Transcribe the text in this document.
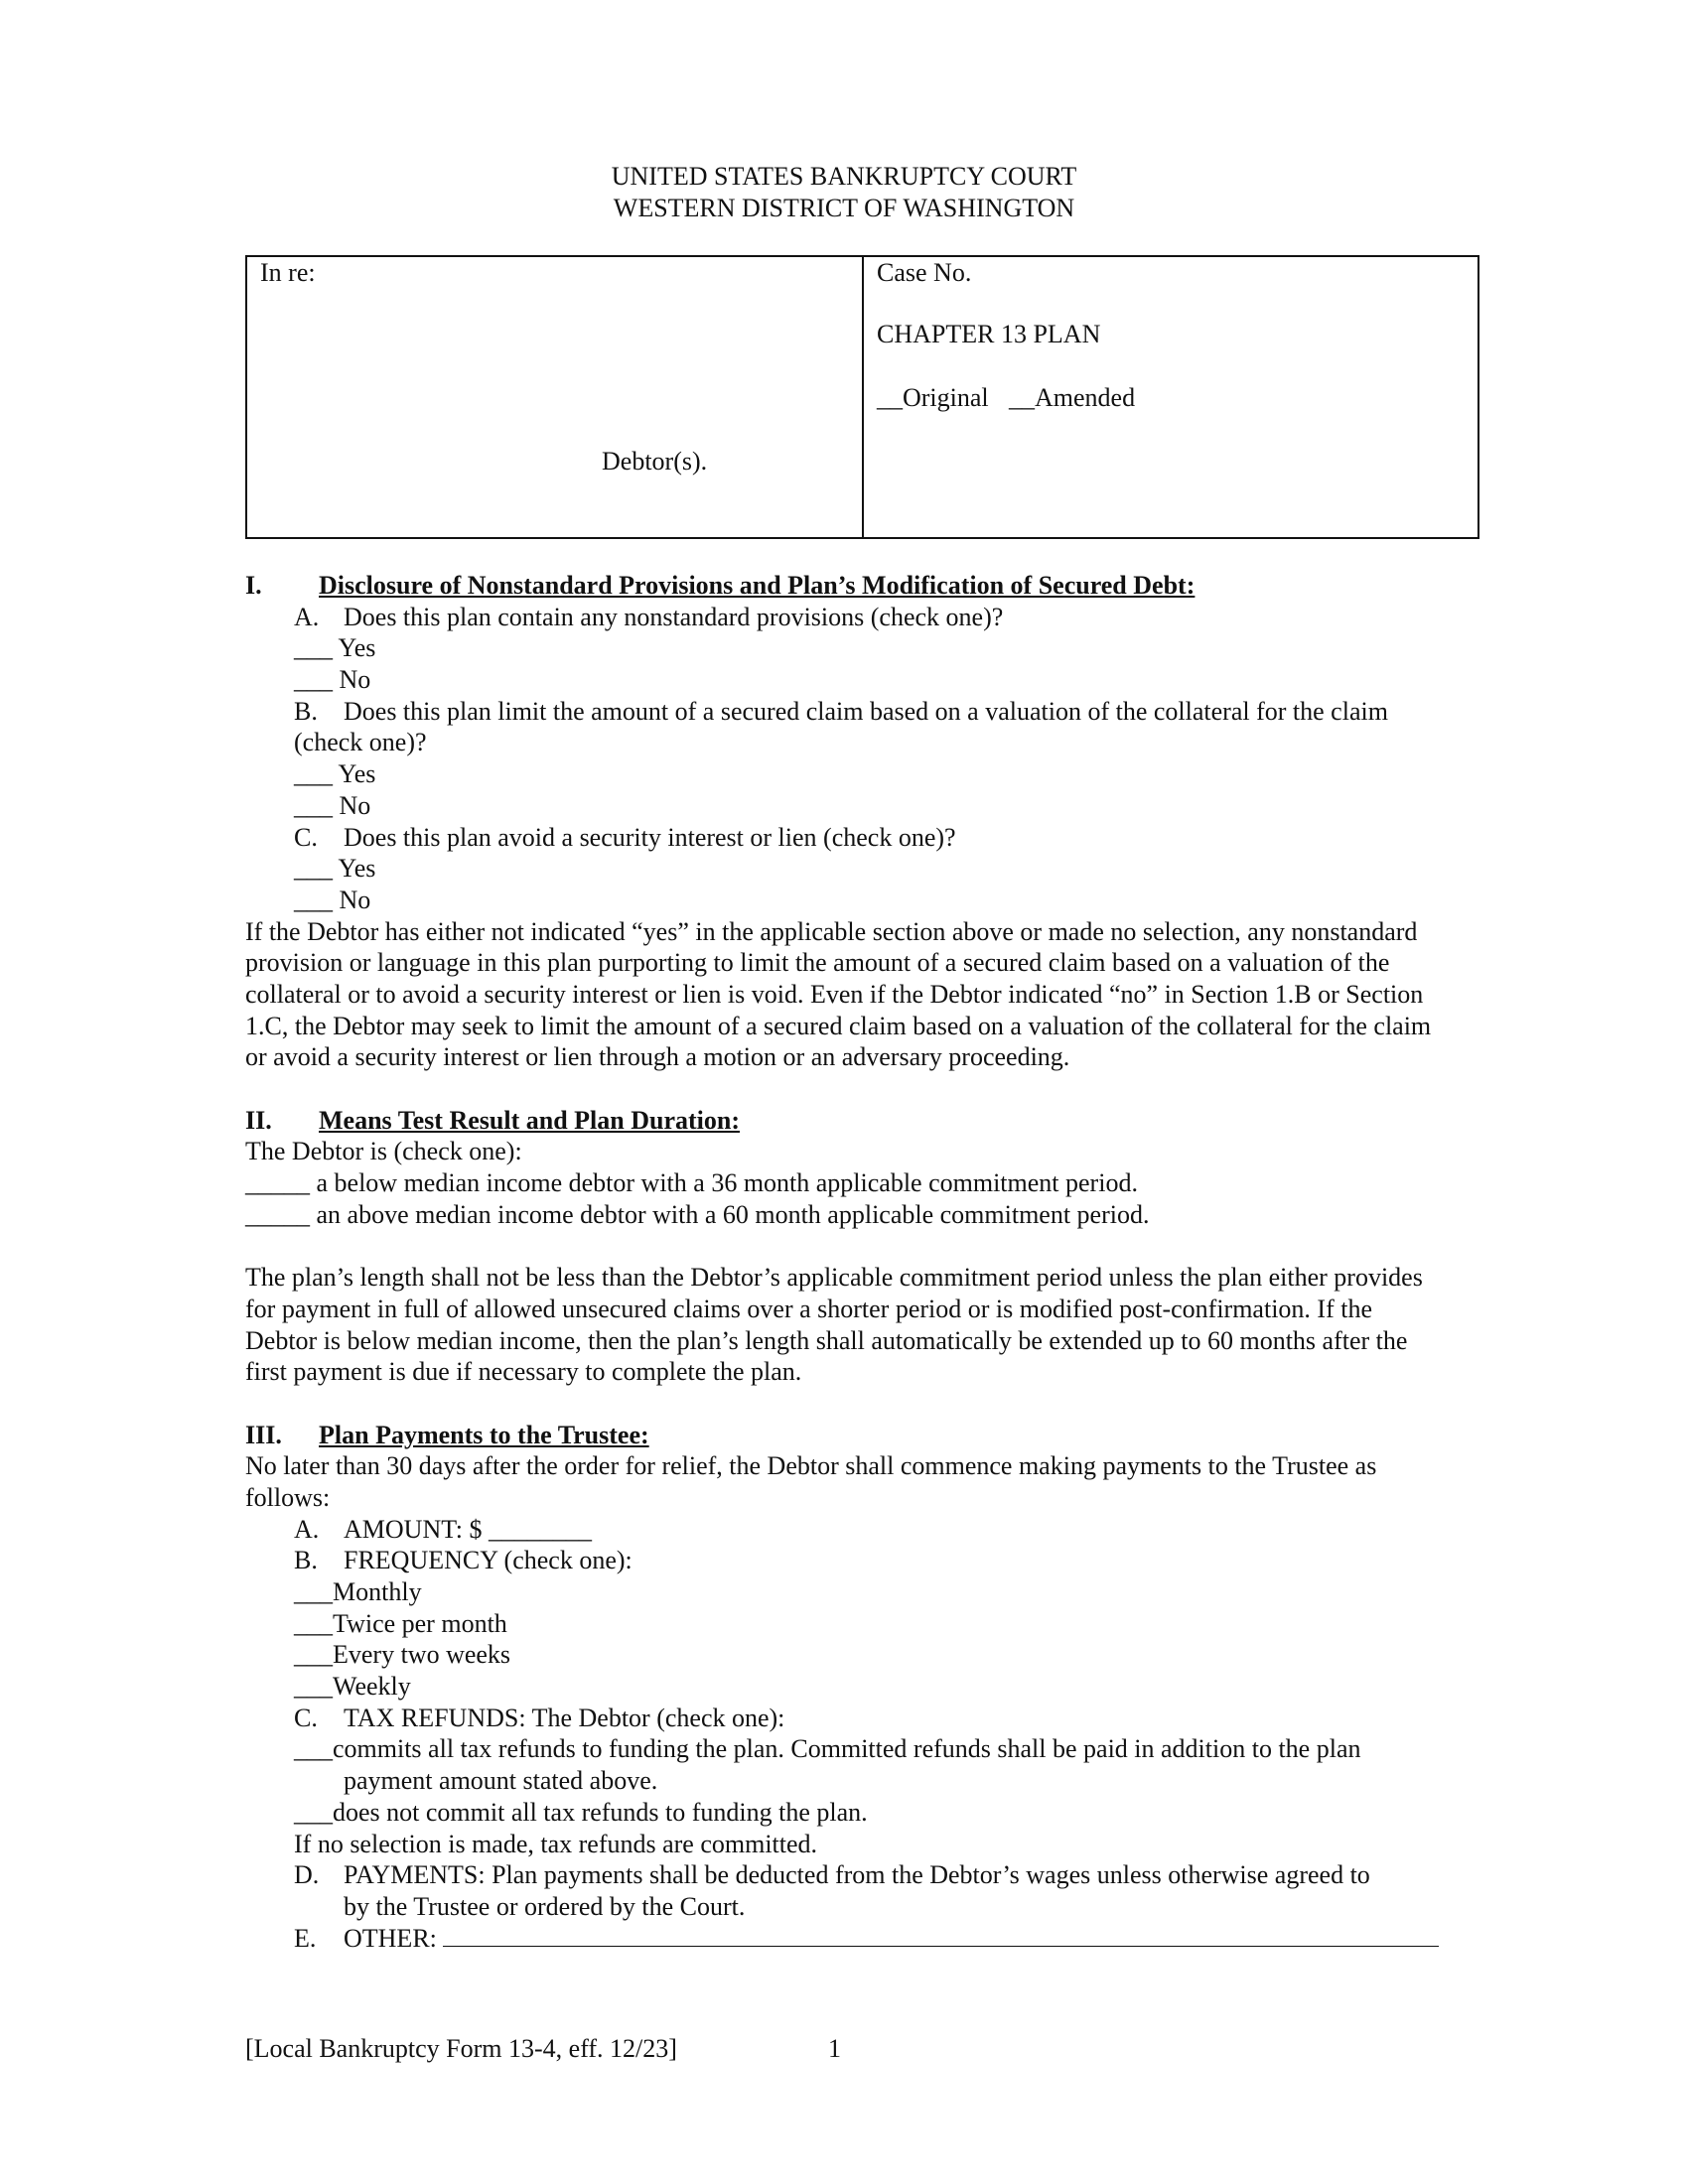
UNITED STATES BANKRUPTCY COURT
WESTERN DISTRICT OF WASHINGTON
In re:
Debtor(s).
Case No.
CHAPTER 13 PLAN
__Original __Amended
I. Disclosure of Nonstandard Provisions and Plan’s Modification of Secured Debt:
A. Does this plan contain any nonstandard provisions (check one)?
___ Yes
___ No
B. Does this plan limit the amount of a secured claim based on a valuation of the collateral for the claim
(check one)?
___ Yes
___ No
C. Does this plan avoid a security interest or lien (check one)?
___ Yes
___ No
If the Debtor has either not indicated “yes” in the applicable section above or made no selection, any nonstandard
provision or language in this plan purporting to limit the amount of a secured claim based on a valuation of the
collateral or to avoid a security interest or lien is void. Even if the Debtor indicated “no” in Section 1.B or Section
1.C, the Debtor may seek to limit the amount of a secured claim based on a valuation of the collateral for the claim
or avoid a security interest or lien through a motion or an adversary proceeding.
II. Means Test Result and Plan Duration:
The Debtor is (check one):
_____ a below median income debtor with a 36 month applicable commitment period.
_____ an above median income debtor with a 60 month applicable commitment period.
The plan’s length shall not be less than the Debtor’s applicable commitment period unless the plan either provides
for payment in full of allowed unsecured claims over a shorter period or is modified post-confirmation. If the
Debtor is below median income, then the plan’s length shall automatically be extended up to 60 months after the
first payment is due if necessary to complete the plan.
III. Plan Payments to the Trustee:
No later than 30 days after the order for relief, the Debtor shall commence making payments to the Trustee as
follows:
A. AMOUNT: $ ________
B. FREQUENCY (check one):
___Monthly
___Twice per month
___Every two weeks
___Weekly
C. TAX REFUNDS: The Debtor (check one):
___commits all tax refunds to funding the plan. Committed refunds shall be paid in addition to the plan
payment amount stated above.
___does not commit all tax refunds to funding the plan.
If no selection is made, tax refunds are committed.
D. PAYMENTS: Plan payments shall be deducted from the Debtor’s wages unless otherwise agreed to
by the Trustee or ordered by the Court.
E. OTHER:
[Local Bankruptcy Form 13-4, eff. 12/23]	1
